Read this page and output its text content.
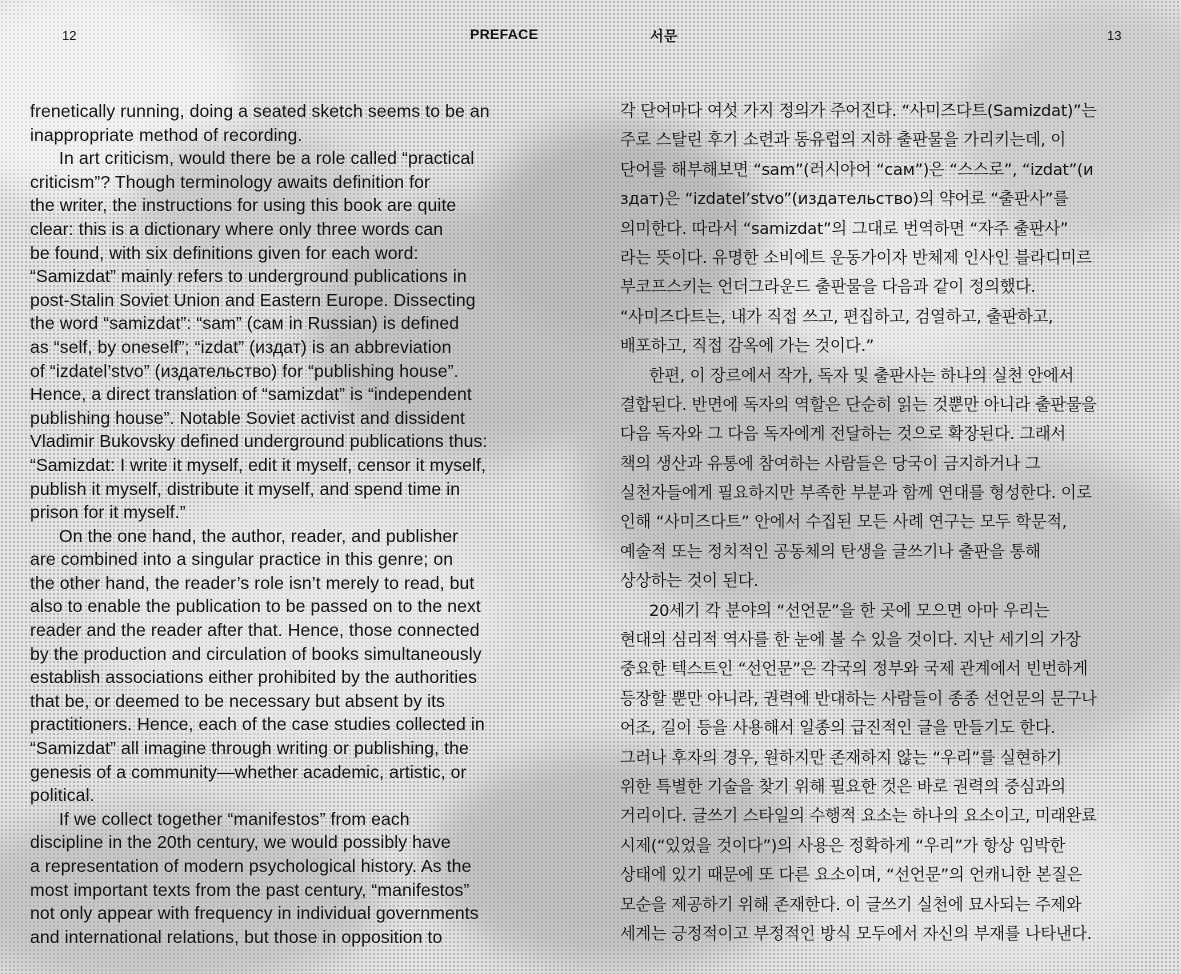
12	PREFACE	서문	13
frenetically running, doing a seated sketch seems to be an
inappropriate method of recording.
In art criticism, would there be a role called “practical
criticism”? Though terminology awaits definition for
the writer, the instructions for using this book are quite
clear: this is a dictionary where only three words can
be found, with six definitions given for each word:
“Samizdat” mainly refers to underground publications in
post-Stalin Soviet Union and Eastern Europe. Dissecting
the word “samizdat”: “sam” (сам in Russian) is defined
as “self, by oneself”; “izdat” (издат) is an abbreviation
of “izdatel’stvo” (издательство) for “publishing house”.
Hence, a direct translation of “samizdat” is “independent
publishing house”. Notable Soviet activist and dissident
Vladimir Bukovsky defined underground publications thus:
“Samizdat: I write it myself, edit it myself, censor it myself,
publish it myself, distribute it myself, and spend time in
prison for it myself.”
On the one hand, the author, reader, and publisher
are combined into a singular practice in this genre; on
the other hand, the reader’s role isn’t merely to read, but
also to enable the publication to be passed on to the next
reader and the reader after that. Hence, those connected
by the production and circulation of books simultaneously
establish associations either prohibited by the authorities
that be, or deemed to be necessary but absent by its
practitioners. Hence, each of the case studies collected in
“Samizdat” all imagine through writing or publishing, the
genesis of a community—whether academic, artistic, or
political.
If we collect together “manifestos” from each
discipline in the 20th century, we would possibly have
a representation of modern psychological history. As the
most important texts from the past century, “manifestos”
not only appear with frequency in individual governments
and international relations, but those in opposition to
각 단어마다 여섯 가지 정의가 주어진다. “사미즈다트(Samizdat)”는
주로 스탈린 후기 소련과 동유럽의 지하 출판물을 가리키는데, 이
단어를 해부해보면 “sam”(러시아어 “сам”)은 “스스로”, “izdat”(и
здат)은 “izdatel’stvo”(издательство)의 약어로 “출판사”를
의미한다. 따라서 “samizdat”의 그대로 번역하면 “자주 출판사”
라는 뜻이다. 유명한 소비에트 운동가이자 반체제 인사인 블라디미르
부코프스키는 언더그라운드 출판물을 다음과 같이 정의했다.
“사미즈다트는, 내가 직접 쓰고, 편집하고, 검열하고, 출판하고,
배포하고, 직접 감옥에 가는 것이다.”
한편, 이 장르에서 작가, 독자 및 출판사는 하나의 실천 안에서
결합된다. 반면에 독자의 역할은 단순히 읽는 것뿐만 아니라 출판물을
다음 독자와 그 다음 독자에게 전달하는 것으로 확장된다. 그래서
책의 생산과 유통에 참여하는 사람들은 당국이 금지하거나 그
실천자들에게 필요하지만 부족한 부분과 함께 연대를 형성한다. 이로
인해 “사미즈다트” 안에서 수집된 모든 사례 연구는 모두 학문적,
예술적 또는 정치적인 공동체의 탄생을 글쓰기나 출판을 통해
상상하는 것이 된다.
20세기 각 분야의 “선언문”을 한 곳에 모으면 아마 우리는
현대의 심리적 역사를 한 눈에 볼 수 있을 것이다. 지난 세기의 가장
중요한 텍스트인 “선언문”은 각국의 정부와 국제 관계에서 빈번하게
등장할 뿐만 아니라, 권력에 반대하는 사람들이 종종 선언문의 문구나
어조, 길이 등을 사용해서 일종의 급진적인 글을 만들기도 한다.
그러나 후자의 경우, 원하지만 존재하지 않는 “우리”를 실현하기
위한 특별한 기술을 찾기 위해 필요한 것은 바로 권력의 중심과의
거리이다. 글쓰기 스타일의 수행적 요소는 하나의 요소이고, 미래완료
시제(“있었을 것이다”)의 사용은 정확하게 “우리”가 항상 임박한
상태에 있기 때문에 또 다른 요소이며, “선언문”의 언캐니한 본질은
모순을 제공하기 위해 존재한다. 이 글쓰기 실천에 묘사되는 주제와
세계는 긍정적이고 부정적인 방식 모두에서 자신의 부재를 나타낸다.
